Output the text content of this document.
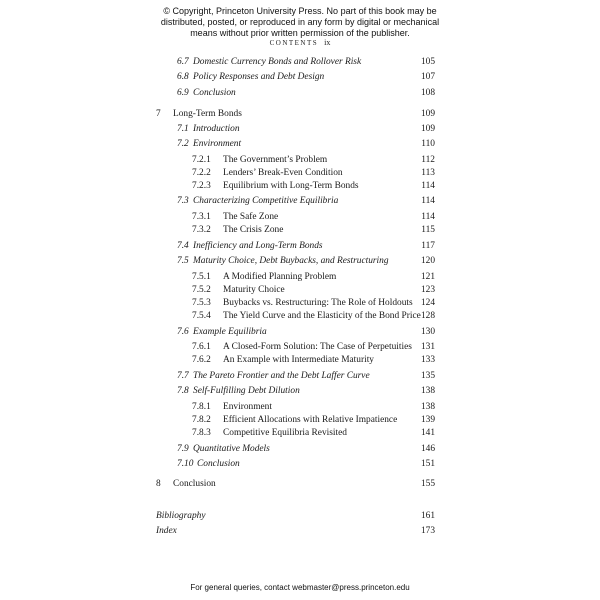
© Copyright, Princeton University Press. No part of this book may be
distributed, posted, or reproduced in any form by digital or mechanical
means without prior written permission of the publisher.
CONTENTS ix
6.7 Domestic Currency Bonds and Rollover Risk	105
6.8 Policy Responses and Debt Design	107
6.9 Conclusion	108
7 Long-Term Bonds	109
7.1 Introduction	109
7.2 Environment	110
7.2.1 The Government’s Problem	112
7.2.2 Lenders’ Break-Even Condition	113
7.2.3 Equilibrium with Long-Term Bonds	114
7.3 Characterizing Competitive Equilibria	114
7.3.1 The Safe Zone	114
7.3.2 The Crisis Zone	115
7.4 Inefficiency and Long-Term Bonds	117
7.5 Maturity Choice, Debt Buybacks, and Restructuring	120
7.5.1 A Modified Planning Problem	121
7.5.2 Maturity Choice	123
7.5.3 Buybacks vs. Restructuring: The Role of Holdouts 124
7.5.4 The Yield Curve and the Elasticity of the Bond Price 128
7.6 Example Equilibria	130
7.6.1 A Closed-Form Solution: The Case of Perpetuities 131
7.6.2 An Example with Intermediate Maturity	133
7.7 The Pareto Frontier and the Debt Laffer Curve	135
7.8 Self-Fulfilling Debt Dilution	138
7.8.1 Environment	138
7.8.2 Efficient Allocations with Relative Impatience	139
7.8.3 Competitive Equilibria Revisited	141
7.9 Quantitative Models	146
7.10 Conclusion	151
8 Conclusion	155
Bibliography	161
Index	173
For general queries, contact webmaster@press.princeton.edu
